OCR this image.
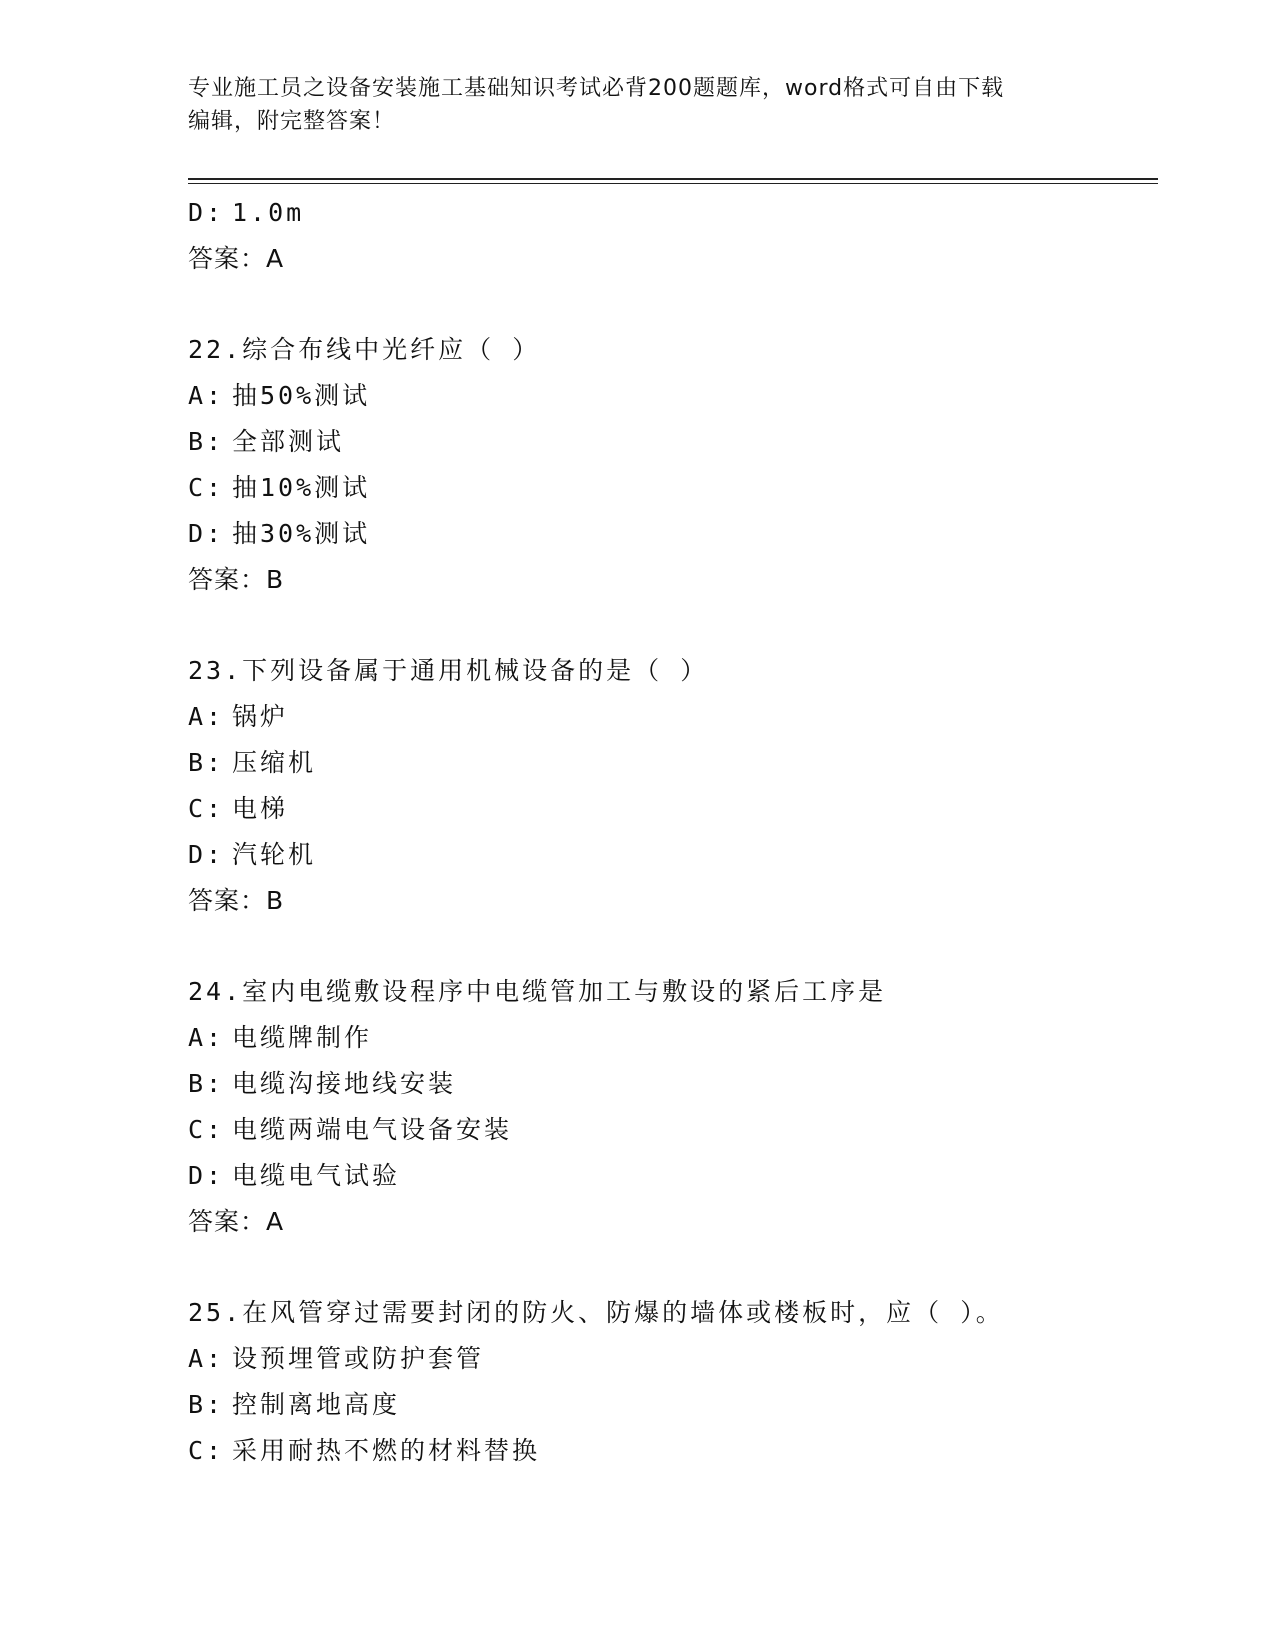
专业施工员之设备安装施工基础知识考试必背200题题库，word格式可自由下载
编辑，附完整答案！
D: 1.0m
答案：A
22.综合布线中光纤应（ ）
A: 抽50%测试
B: 全部测试
C: 抽10%测试
D: 抽30%测试
答案：B
23.下列设备属于通用机械设备的是（ ）
A: 锅炉
B: 压缩机
C: 电梯
D: 汽轮机
答案：B
24.室内电缆敷设程序中电缆管加工与敷设的紧后工序是
A: 电缆牌制作
B: 电缆沟接地线安装
C: 电缆两端电气设备安装
D: 电缆电气试验
答案：A
25.在风管穿过需要封闭的防火、防爆的墙体或楼板时，应（ ）。
A: 设预埋管或防护套管
B: 控制离地高度
C: 采用耐热不燃的材料替换
